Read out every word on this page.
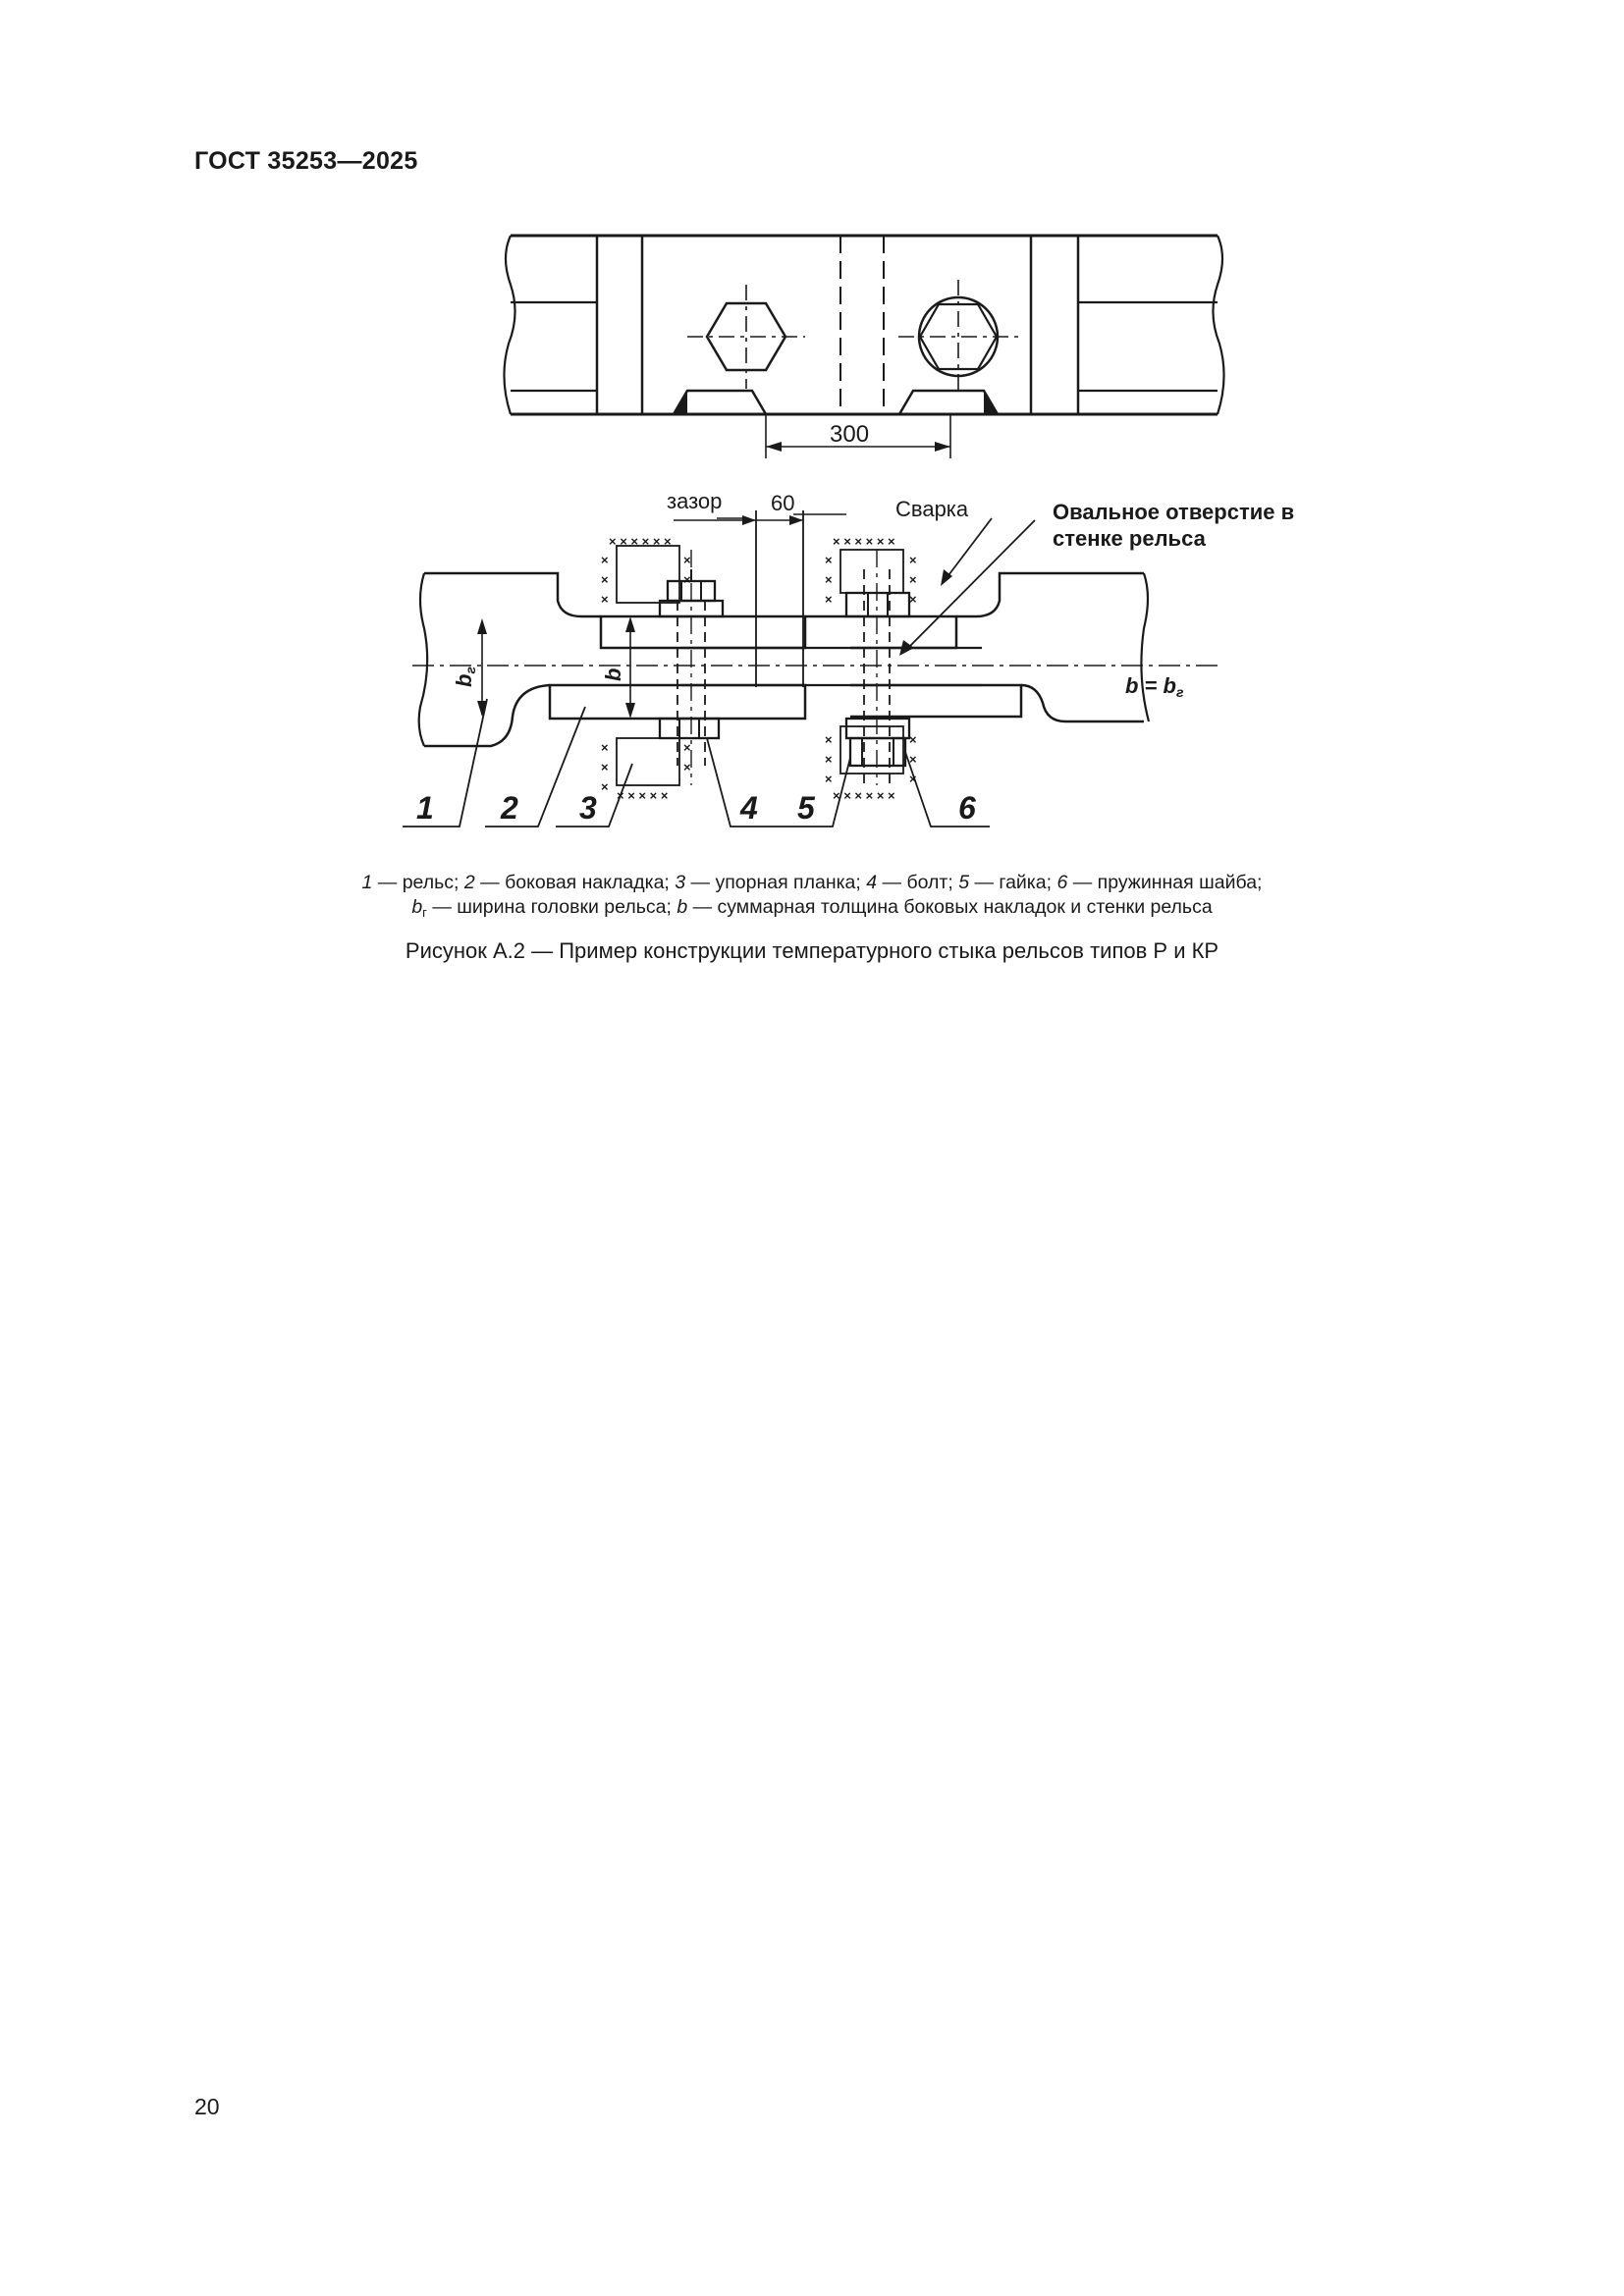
ГОСТ 35253—2025
× × × × × ×
×
×
×
×
×
×
×
×
×
×
× × × × ×
× × × × × ×
×
×
×
×
×
×
×
×
×
×
×
×
× × × × × ×
300
зазор 60	Сварка	Овальное отверстие в
стенке рельса
bг	b	b = bг
1 2 3	4 5	6
1 — рельс; 2 — боковая накладка; 3 — упорная планка; 4 — болт; 5 — гайка; 6 — пружинная шайба;
$b_г$ — ширина головки рельса; b — суммарная толщина боковых накладок и стенки рельса
Рисунок А.2 — Пример конструкции температурного стыка рельсов типов Р и КР
20
